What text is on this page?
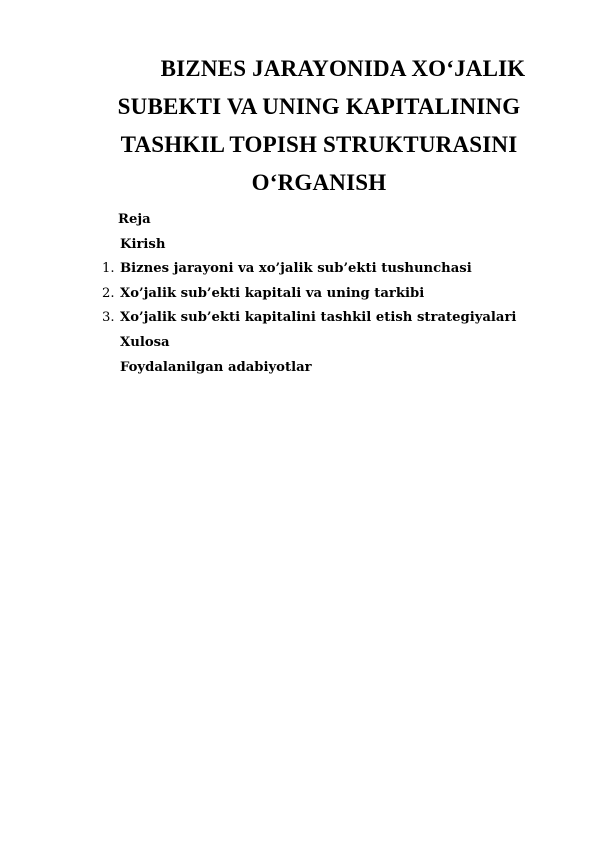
BIZNES JARAYONIDA XO‘JALIK
SUBEKTI VA UNING KAPITALINING
TASHKIL TOPISH STRUKTURASINI
O‘RGANISH
Reja
Kirish
1. Biznes jarayoni va xo’jalik sub’ekti tushunchasi
2. Xo’jalik sub’ekti kapitali va uning tarkibi
3. Xo’jalik sub’ekti kapitalini tashkil etish strategiyalari
Xulosa
Foydalanilgan adabiyotlar
